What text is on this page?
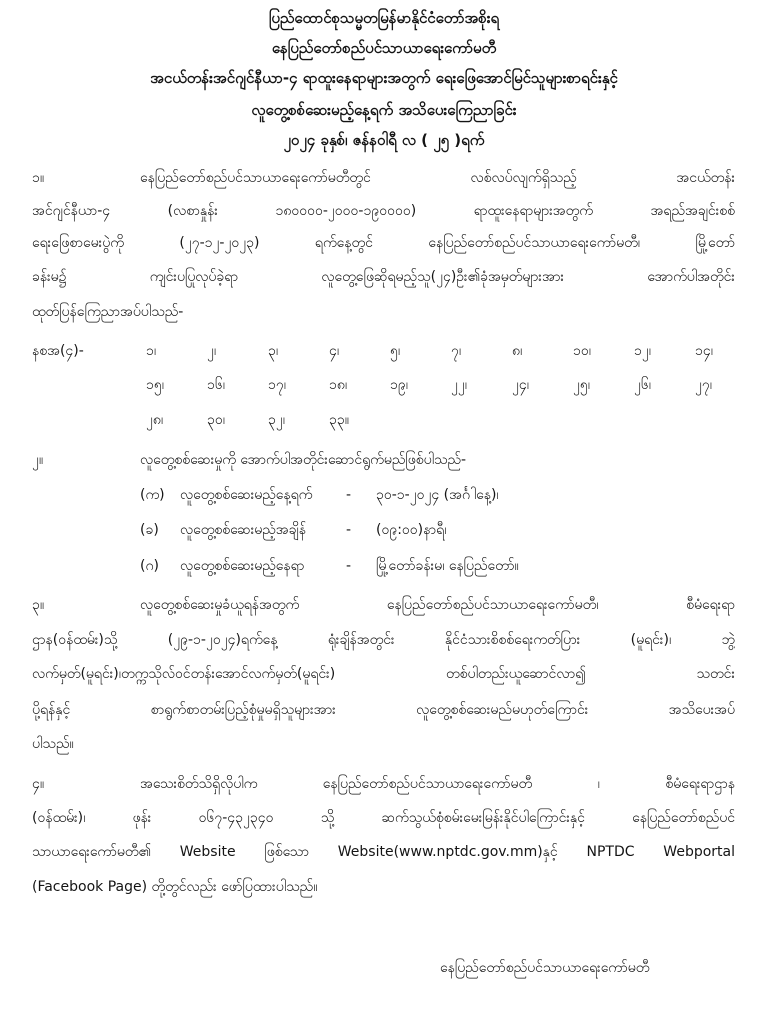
ပြည်ထောင်စုသမ္မတမြန်မာနိုင်ငံတော်အစိုးရ
နေပြည်တော်စည်ပင်သာယာရေးကော်မတီ
အငယ်တန်းအင်ဂျင်နီယာ-၄ ရာထူးနေရာများအတွက် ရေးဖြေအောင်မြင်သူများစာရင်းနှင့်
လူတွေ့စစ်ဆေးမည့်နေ့ရက် အသိပေးကြေညာခြင်း
၂၀၂၄ ခုနှစ်၊ ဇန်နဝါရီ လ ( ၂၅ )ရက်
၁။	နေပြည်တော်စည်ပင်သာယာရေးကော်မတီတွင် လစ်လပ်လျက်ရှိသည့် အငယ်တန်း
အင်ဂျင်နီယာ-၄ (လစာနှုန်း ၁၈၀၀၀၀-၂၀၀၀-၁၉၀၀၀၀) ရာထူးနေရာများအတွက် အရည်အချင်းစစ်
ရေးဖြေစာမေးပွဲကို (၂၇-၁၂-၂၀၂၃) ရက်နေ့တွင် နေပြည်တော်စည်ပင်သာယာရေးကော်မတီ၊ မြို့တော်
ခန်းမ၌ ကျင်းပပြုလုပ်ခဲ့ရာ လူတွေ့ဖြေဆိုရမည့်သူ(၂၄)ဦး၏ခုံအမှတ်များအား အောက်ပါအတိုင်း
ထုတ်ပြန်ကြေညာအပ်ပါသည်-
နစအ(၄)-	၁၊	၂၊	၃၊	၄၊	၅၊	၇၊	၈၊	၁၀၊	၁၂၊	၁၄၊
၁၅၊	၁၆၊	၁၇၊	၁၈၊	၁၉၊	၂၂၊	၂၄၊	၂၅၊	၂၆၊	၂၇၊
၂၈၊	၃၀၊	၃၂၊	၃၃။
၂။	လူတွေ့စစ်ဆေးမှုကို အောက်ပါအတိုင်းဆောင်ရွက်မည်ဖြစ်ပါသည်-
(က)	လူတွေ့စစ်ဆေးမည့်နေ့ရက်	-	၃၀-၁-၂၀၂၄ (အင်္ဂါနေ့)၊
(ခ)	လူတွေ့စစ်ဆေးမည့်အချိန်	-	(၀၉:၀၀)နာရီ၊
(ဂ)	လူတွေ့စစ်ဆေးမည့်နေရာ	-	မြို့တော်ခန်းမ၊ နေပြည်တော်။
၃။	လူတွေ့စစ်ဆေးမှုခံယူရန်အတွက် နေပြည်တော်စည်ပင်သာယာရေးကော်မတီ၊ စီမံရေးရာ
ဌာန(ဝန်ထမ်း)သို့ (၂၉-၁-၂၀၂၄)ရက်နေ့ ရုံးချိန်အတွင်း နိုင်ငံသားစိစစ်ရေးကတ်ပြား (မူရင်း)၊ ဘွဲ့
လက်မှတ်(မူရင်း)၊တက္ကသိုလ်ဝင်တန်းအောင်လက်မှတ်(မူရင်း) တစ်ပါတည်းယူဆောင်လာ၍ သတင်း
ပို့ရန်နှင့် စာရွက်စာတမ်းပြည့်စုံမှုမရှိသူများအား လူတွေ့စစ်ဆေးမည်မဟုတ်ကြောင်း အသိပေးအပ်
ပါသည်။
၄။	အသေးစိတ်သိရှိလိုပါက နေပြည်တော်စည်ပင်သာယာရေးကော်မတီ ၊ စီမံရေးရာဌာန
(ဝန်ထမ်း)၊ ဖုန်း ၀၆၇-၄၃၂၃၄၀ သို့ ဆက်သွယ်စုံစမ်းမေးမြန်းနိုင်ပါကြောင်းနှင့် နေပြည်တော်စည်ပင်
သာယာရေးကော်မတီ၏ Website ဖြစ်သော Website(www.nptdc.gov.mm)နှင့် NPTDC Webportal
(Facebook Page) တို့တွင်လည်း ဖော်ပြထားပါသည်။
နေပြည်တော်စည်ပင်သာယာရေးကော်မတီ
